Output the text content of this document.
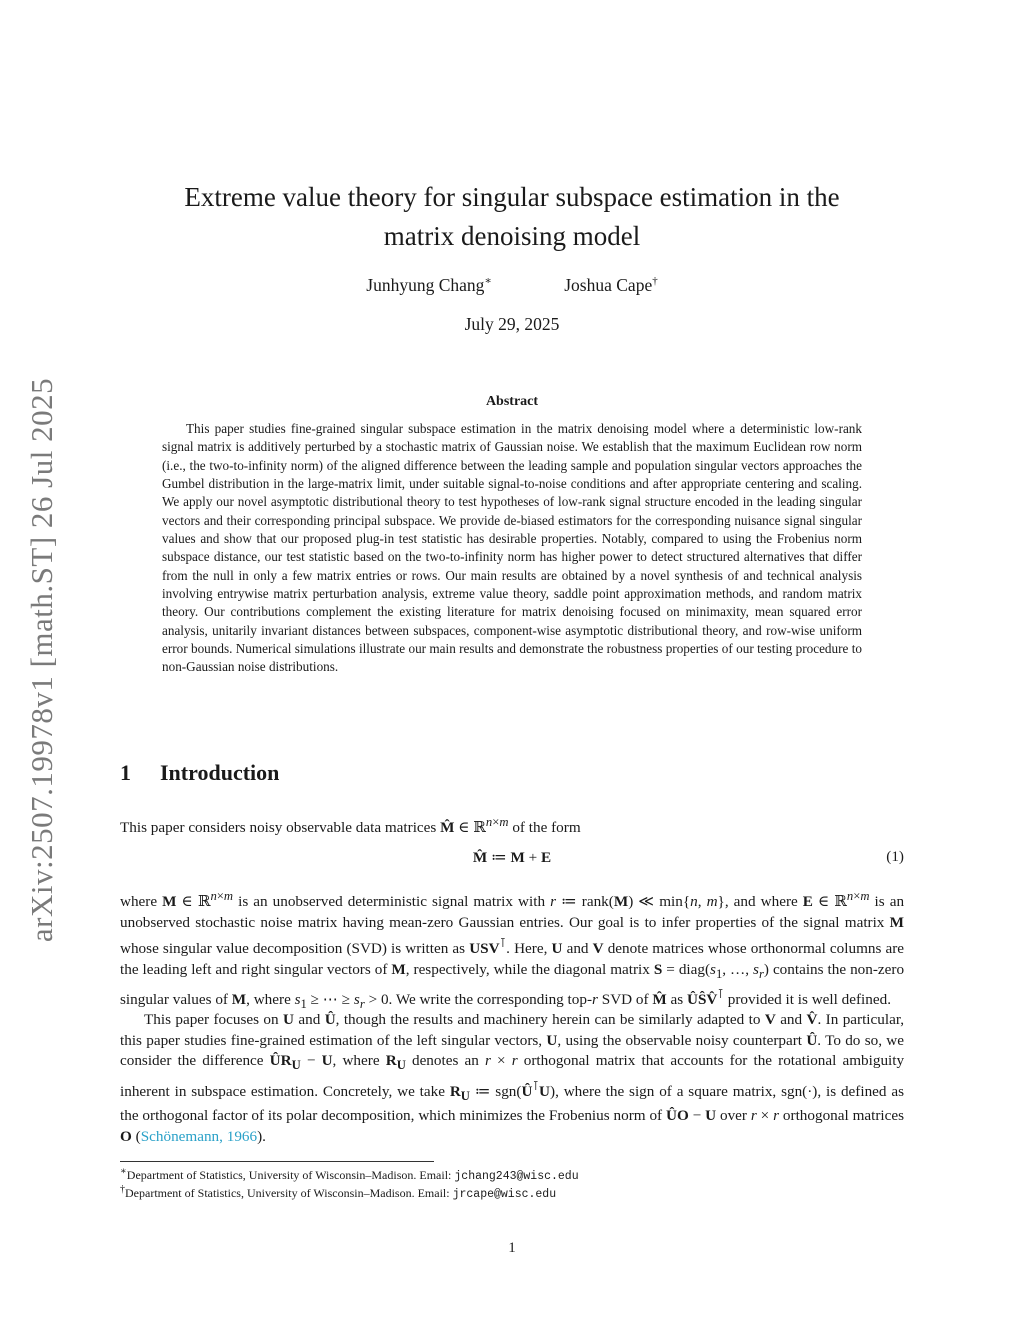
arXiv:2507.19978v1 [math.ST] 26 Jul 2025
Extreme value theory for singular subspace estimation in the
matrix denoising model
Junhyung Chang∗	Joshua Cape†
July 29, 2025
Abstract

This paper studies fine-grained singular subspace estimation in the matrix denoising model where a deterministic low-rank signal matrix is additively perturbed by a stochastic matrix of Gaussian noise. We establish that the maximum Euclidean row norm (i.e., the two-to-infinity norm) of the aligned difference between the leading sample and population singular vectors approaches the Gumbel distribution in the large-matrix limit, under suitable signal-to-noise conditions and after appropriate centering and scaling. We apply our novel asymptotic distributional theory to test hypotheses of low-rank signal structure encoded in the leading singular vectors and their corresponding principal subspace. We provide de-biased estimators for the corresponding nuisance signal singular values and show that our proposed plug-in test statistic has desirable properties. Notably, compared to using the Frobenius norm subspace distance, our test statistic based on the two-to-infinity norm has higher power to detect structured alternatives that differ from the null in only a few matrix entries or rows. Our main results are obtained by a novel synthesis of and technical analysis involving entrywise matrix perturbation analysis, extreme value theory, saddle point approximation methods, and random matrix theory. Our contributions complement the existing literature for matrix denoising focused on minimaxity, mean squared error analysis, unitarily invariant distances between subspaces, component-wise asymptotic distributional theory, and row-wise uniform error bounds. Numerical simulations illustrate our main results and demonstrate the robustness properties of our testing procedure to non-Gaussian noise distributions.

1 Introduction

This paper considers noisy observable data matrices M̂ ∈ ℝ$^{n\times m}$ of the form

M̂ ≔ M + E	(1)

where M ∈ ℝ$^{n\times m}$ is an unobserved deterministic signal matrix with r ≔ rank(M) ≪ min{n, m}, and where E ∈ ℝ$^{n\times m}$ is an unobserved stochastic noise matrix having mean-zero Gaussian entries. Our goal is to infer properties of the signal matrix M whose singular value decomposition (SVD) is written as USV⊺. Here, U and V denote matrices whose orthonormal columns are the leading left and right singular vectors of M, respectively, while the diagonal matrix $S = diag(s_1$, …, $s_r$) contains the non-zero singular values of M, where $s_1$ ≥ ⋯ ≥ $s_r > 0$. We write the corresponding top-r SVD of M̂ as ÛŜV̂⊺ provided it is well defined.

This paper focuses on U and Û, though the results and machinery herein can be similarly adapted to V and V̂. In particular, this paper studies fine-grained estimation of the left singular vectors, U, using the observable noisy counterpart Û. To do so, we consider the difference $ÛR_U - U$, where $R_U$ denotes an r × r orthogonal matrix that accounts for the rotational ambiguity inherent in subspace estimation. Concretely, we take $R_U$ ≔ sgn(Û⊺U), where the sign of a square matrix, sgn(·), is defined as the orthogonal factor of its polar decomposition, which minimizes the Frobenius norm of ÛO − U over r × r orthogonal matrices O (Schönemann, 1966).

∗Department of Statistics, University of Wisconsin–Madison. Email: jchang243@wisc.edu
†Department of Statistics, University of Wisconsin–Madison. Email: jrcape@wisc.edu
1
